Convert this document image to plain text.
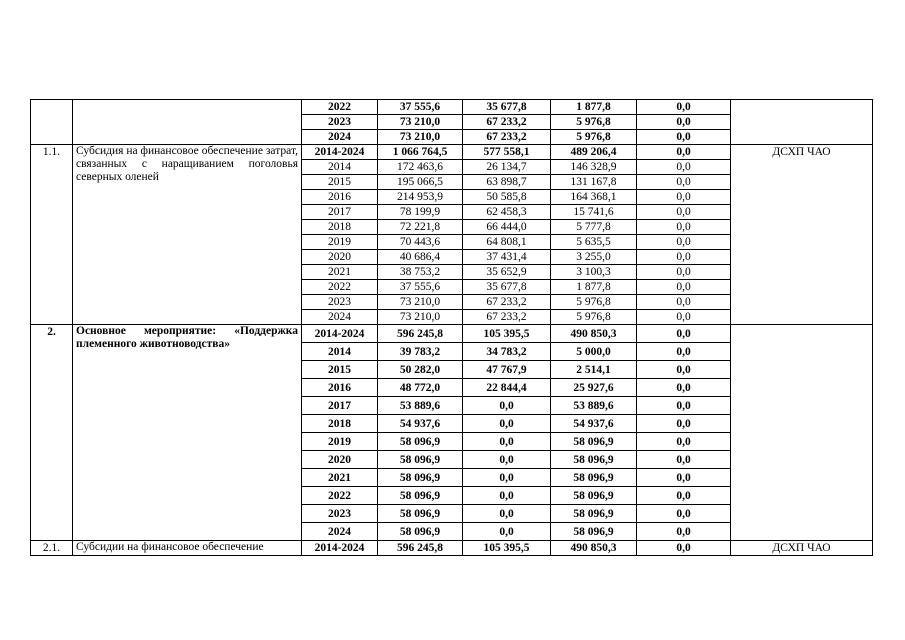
		2022	37 555,6	35 677,8	1 877,8	0,0	
		2023	73 210,0	67 233,2	5 976,8	0,0	
		2024	73 210,0	67 233,2	5 976,8	0,0	
1.1.	Субсидия на финансовое обеспечение затрат, связанных с наращиванием поголовья северных оленей	2014-2024	1 066 764,5	577 558,1	489 206,4	0,0	ДСХП ЧАО
		2014	172 463,6	26 134,7	146 328,9	0,0	
		2015	195 066,5	63 898,7	131 167,8	0,0	
		2016	214 953,9	50 585,8	164 368,1	0,0	
		2017	78 199,9	62 458,3	15 741,6	0,0	
		2018	72 221,8	66 444,0	5 777,8	0,0	
		2019	70 443,6	64 808,1	5 635,5	0,0	
		2020	40 686,4	37 431,4	3 255,0	0,0	
		2021	38 753,2	35 652,9	3 100,3	0,0	
		2022	37 555,6	35 677,8	1 877,8	0,0	
		2023	73 210,0	67 233,2	5 976,8	0,0	
		2024	73 210,0	67 233,2	5 976,8	0,0	
2.	Основное мероприятие: «Поддержка племенного животноводства»	2014-2024	596 245,8	105 395,5	490 850,3	0,0	
		2014	39 783,2	34 783,2	5 000,0	0,0	
		2015	50 282,0	47 767,9	2 514,1	0,0	
		2016	48 772,0	22 844,4	25 927,6	0,0	
		2017	53 889,6	0,0	53 889,6	0,0	
		2018	54 937,6	0,0	54 937,6	0,0	
		2019	58 096,9	0,0	58 096,9	0,0	
		2020	58 096,9	0,0	58 096,9	0,0	
		2021	58 096,9	0,0	58 096,9	0,0	
		2022	58 096,9	0,0	58 096,9	0,0	
		2023	58 096,9	0,0	58 096,9	0,0	
		2024	58 096,9	0,0	58 096,9	0,0	
2.1.	Субсидии на финансовое обеспечение	2014-2024	596 245,8	105 395,5	490 850,3	0,0	ДСХП ЧАО
